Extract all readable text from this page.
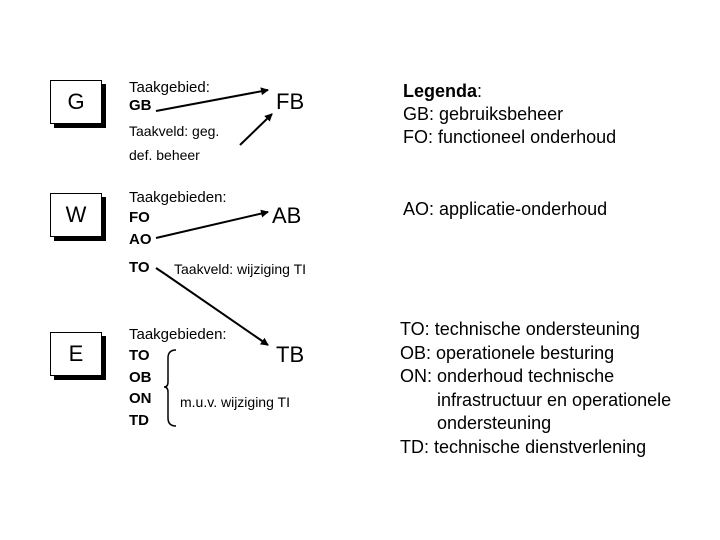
G
W
E
Taakgebied:
GB
Taakveld: geg.
def. beheer
FB
Taakgebieden:
FO
AO
AB
TO Taakveld: wijziging TI
Taakgebieden:
TO
OB
ON
TD
TB
m.u.v. wijziging TI
Legenda:
GB: gebruiksbeheer
FO: functioneel onderhoud
AO: applicatie-onderhoud
TO: technische ondersteuning
OB: operationele besturing
ON: onderhoud technische
infrastructuur en operationele
ondersteuning
TD: technische dienstverlening
